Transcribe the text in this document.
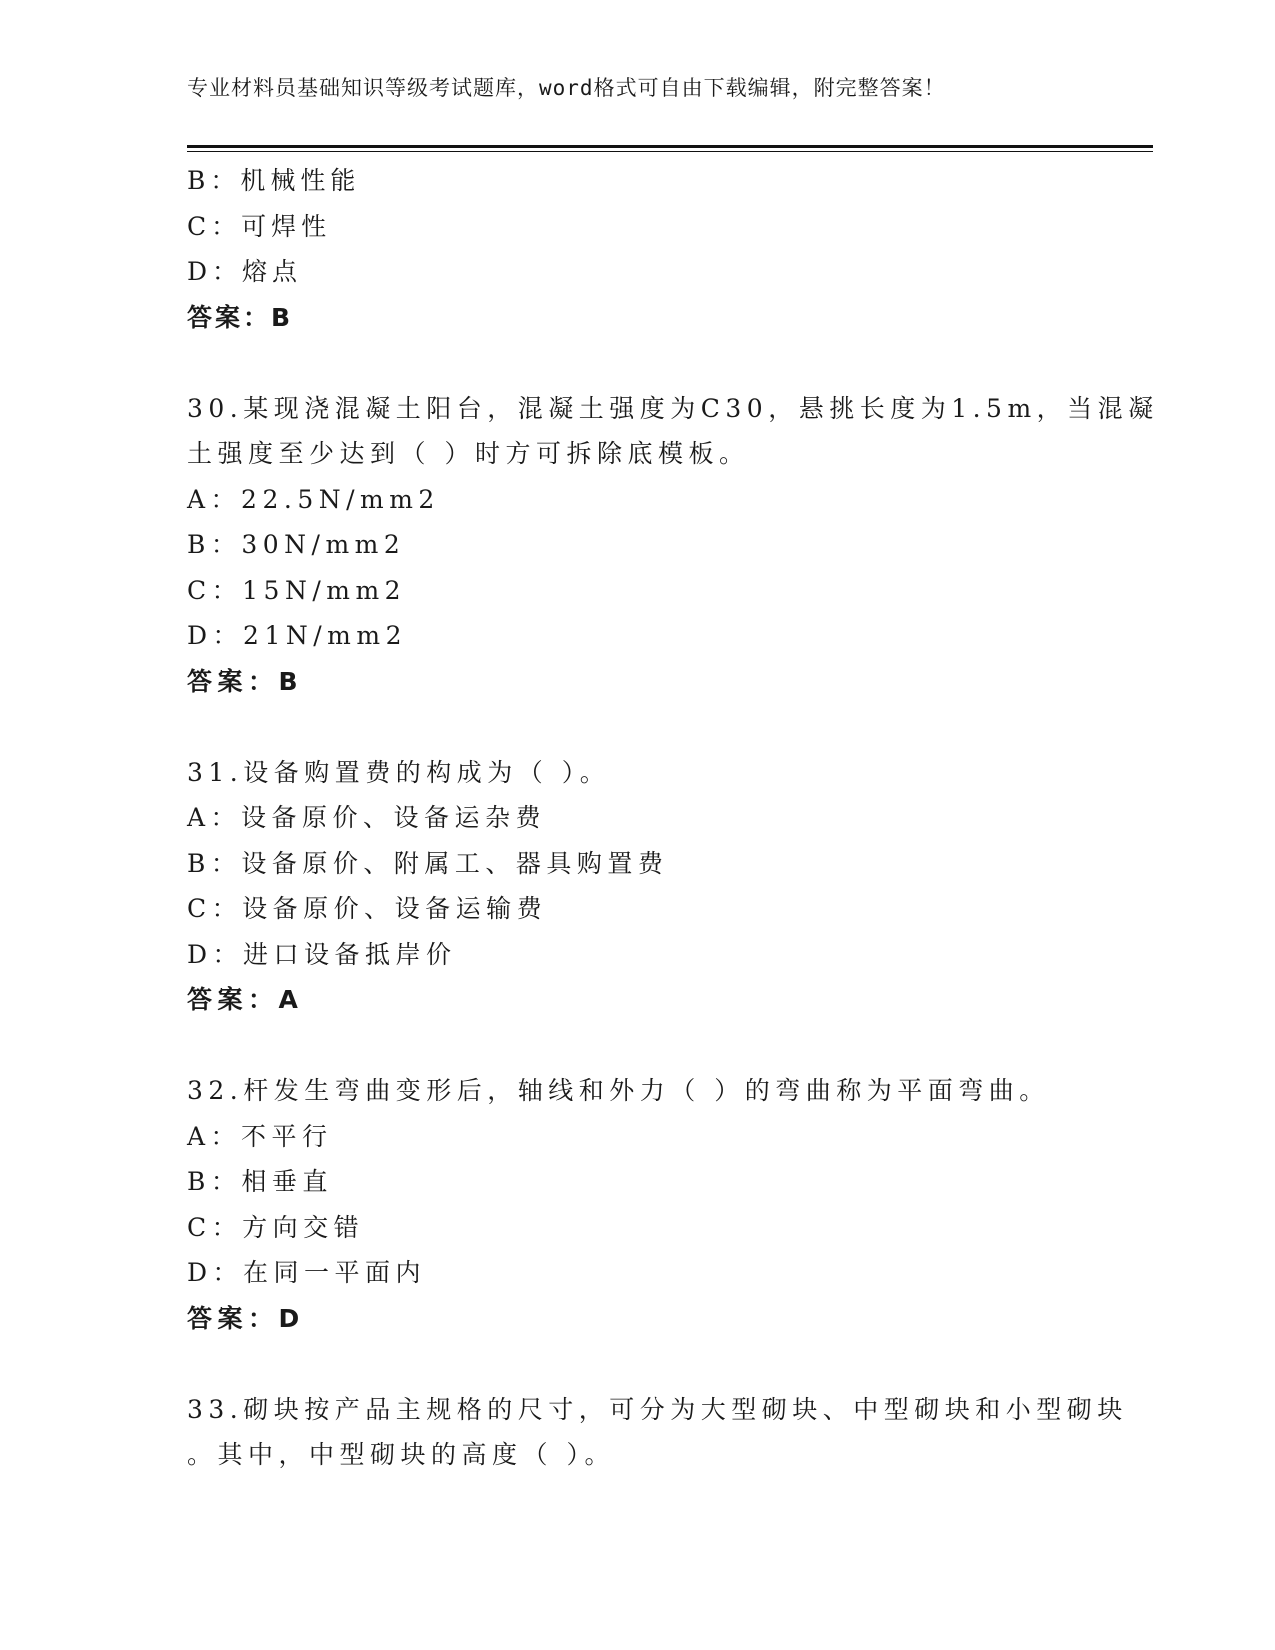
专业材料员基础知识等级考试题库，word格式可自由下载编辑，附完整答案！
B：机械性能
C：可焊性
D：熔点
答案：B
30.某现浇混凝土阳台，混凝土强度为C30，悬挑长度为1.5m，当混凝
土强度至少达到（ ）时方可拆除底模板。
A：22.5N/mm2
B：30N/mm2
C：15N/mm2
D：21N/mm2
答案：B
31.设备购置费的构成为（ ）。
A：设备原价、设备运杂费
B：设备原价、附属工、器具购置费
C：设备原价、设备运输费
D：进口设备抵岸价
答案：A
32.杆发生弯曲变形后，轴线和外力（ ）的弯曲称为平面弯曲。
A：不平行
B：相垂直
C：方向交错
D：在同一平面内
答案：D
33.砌块按产品主规格的尺寸，可分为大型砌块、中型砌块和小型砌块
。其中，中型砌块的高度（ ）。
